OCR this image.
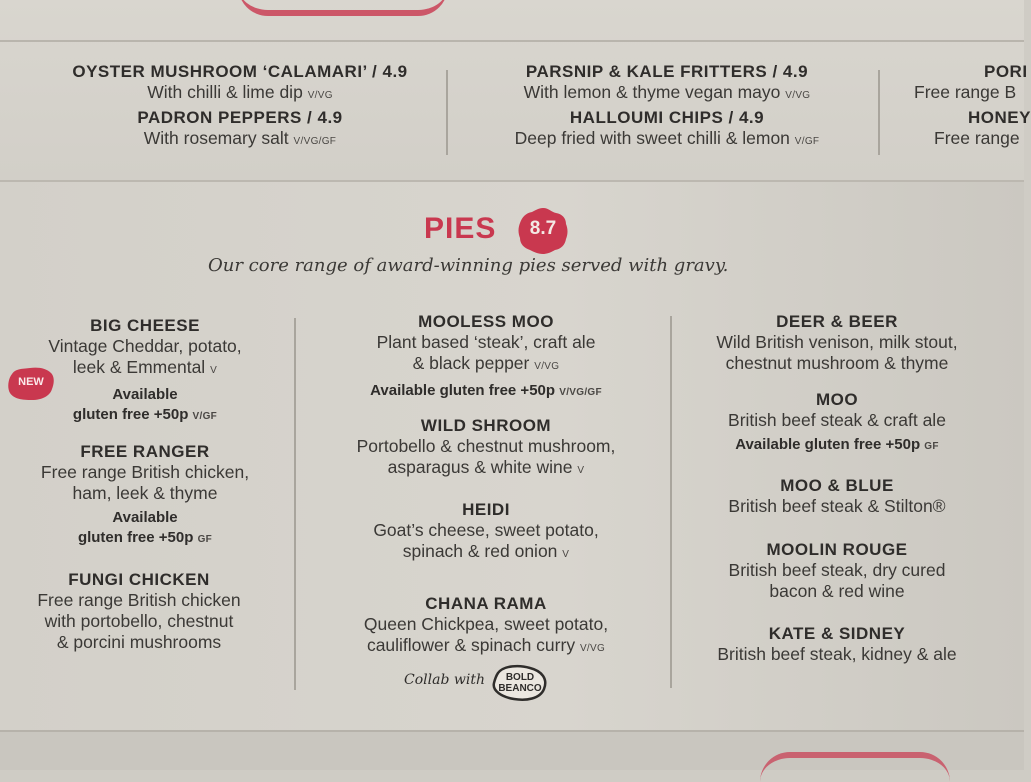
OYSTER MUSHROOM ‘CALAMARI’ / 4.9
With chilli & lime dip V/VG
PADRON PEPPERS / 4.9
With rosemary salt V/VG/GF
PARSNIP & KALE FRITTERS / 4.9
With lemon & thyme vegan mayo V/VG
HALLOUMI CHIPS / 4.9
Deep fried with sweet chilli & lemon V/GF
PORI
Free range B
HONEY
Free range
PIES	8.7
Our core range of award-winning pies served with gravy.
NEW
BIG CHEESE
Vintage Cheddar, potato,
leek & Emmental V
Available
gluten free +50p V/GF
FREE RANGER
Free range British chicken,
ham, leek & thyme
Available
gluten free +50p GF
FUNGI CHICKEN
Free range British chicken
with portobello, chestnut
& porcini mushrooms
MOOLESS MOO
Plant based ‘steak’, craft ale
& black pepper V/VG
Available gluten free +50p V/VG/GF
WILD SHROOM
Portobello & chestnut mushroom,
asparagus & white wine V
HEIDI
Goat’s cheese, sweet potato,
spinach & red onion V
CHANA RAMA
Queen Chickpea, sweet potato,
cauliflower & spinach curry V/VG
Collab with	BOLD BEANCO
DEER & BEER
Wild British venison, milk stout,
chestnut mushroom & thyme
MOO
British beef steak & craft ale
Available gluten free +50p GF
MOO & BLUE
British beef steak & Stilton®
MOOLIN ROUGE
British beef steak, dry cured
bacon & red wine
KATE & SIDNEY
British beef steak, kidney & ale
